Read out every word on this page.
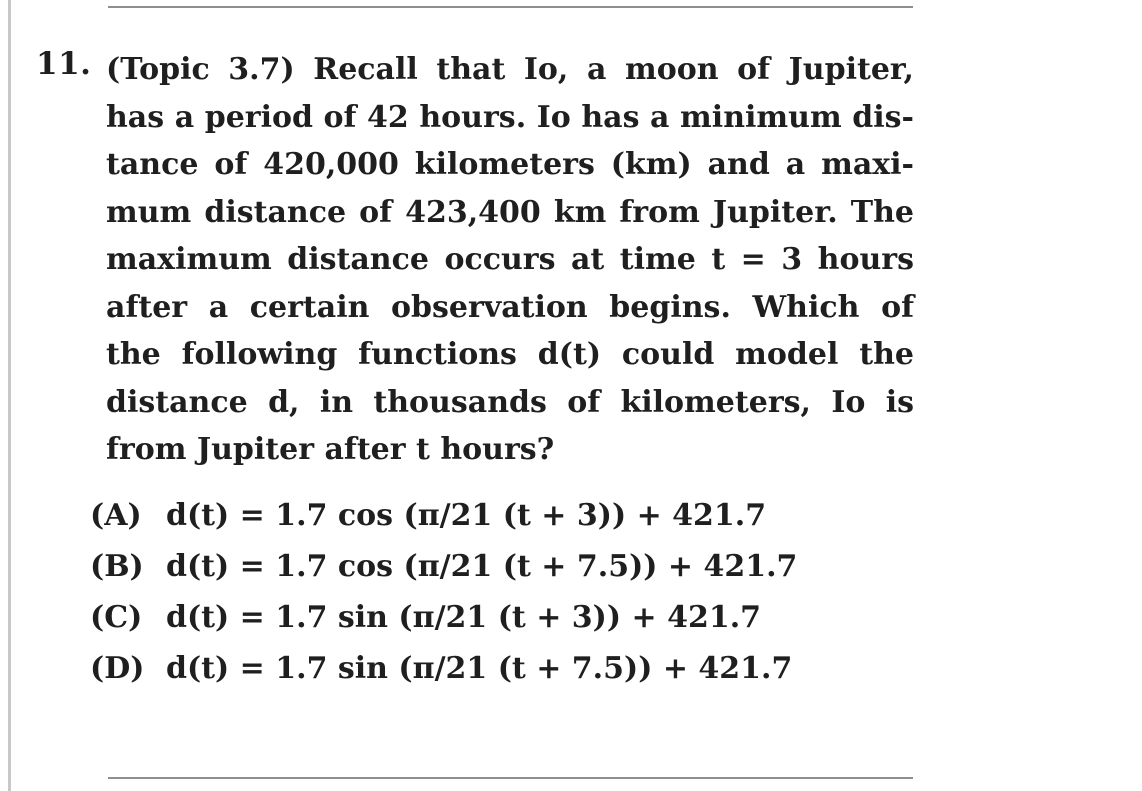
11. (Topic 3.7) Recall that Io, a moon of Jupiter,
has a period of 42 hours. Io has a minimum dis-
tance of 420,000 kilometers (km) and a maxi-
mum distance of 423,400 km from Jupiter. The
maximum distance occurs at time t = 3 hours
after a certain observation begins. Which of
the following functions d(t) could model the
distance d, in thousands of kilometers, Io is
from Jupiter after t hours?
(A) d(t) = 1.7 cos (π/21 (t + 3)) + 421.7
(B) d(t) = 1.7 cos (π/21 (t + 7.5)) + 421.7
(C) d(t) = 1.7 sin (π/21 (t + 3)) + 421.7
(D) d(t) = 1.7 sin (π/21 (t + 7.5)) + 421.7
